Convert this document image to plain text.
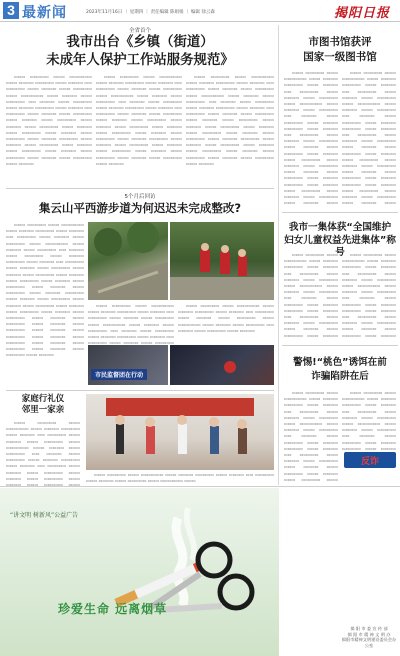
3 最新闻	2023年11月16日 ｜ 星期四 ｜ 责任编辑 陈娟娟 ｜ 编辑 徐云森	揭阳日报
全省首个
我市出台《乡镇（街道）
未成年人保护工作站服务规范》

▭▭▭ ▭▭▭▭▭ ▭▭▭ ▭▭▭▭▭▭ ▭▭▭ ▭▭▭▭ ▭▭▭▭▭ ▭▭▭ ▭▭▭▭ ▭▭ ▭▭▭▭▭ ▭▭▭ ▭▭▭▭ ▭▭▭ ▭▭▭▭▭ ▭▭▭ ▭▭▭▭▭▭ ▭▭▭ ▭▭▭▭ ▭▭▭ ▭▭▭▭▭ ▭▭ ▭▭▭▭ ▭▭▭ ▭▭▭▭▭ ▭▭▭ ▭▭▭▭ ▭▭▭▭▭ ▭▭▭ ▭▭▭▭ ▭▭ ▭▭▭▭▭ ▭▭▭ ▭▭▭▭ ▭▭▭ ▭▭▭▭▭ ▭▭▭ ▭▭▭▭ ▭▭▭ ▭▭▭▭▭ ▭▭▭ ▭▭▭▭ ▭▭▭ ▭▭▭▭▭ ▭▭▭ ▭▭▭▭ ▭▭▭ ▭▭▭▭▭ ▭▭▭ ▭▭▭▭ ▭▭▭ ▭▭▭▭▭ ▭▭▭ ▭▭▭▭ ▭▭▭▭▭ ▭▭▭ ▭▭▭▭ ▭▭▭ ▭▭▭▭▭ ▭▭▭ ▭▭▭▭ ▭▭▭ ▭▭▭▭▭ ▭▭▭ ▭▭▭▭ ▭▭▭ ▭▭▭▭▭ ▭▭▭ ▭▭▭▭ ▭▭▭ ▭▭▭▭▭ ▭▭▭ ▭▭▭▭

▭▭▭ ▭▭▭▭▭ ▭▭▭ ▭▭▭▭▭▭ ▭▭▭ ▭▭▭▭ ▭▭▭▭▭ ▭▭▭ ▭▭▭▭ ▭▭ ▭▭▭▭▭ ▭▭▭ ▭▭▭▭ ▭▭▭ ▭▭▭▭▭ ▭▭▭ ▭▭▭▭▭▭ ▭▭▭ ▭▭▭▭ ▭▭▭ ▭▭▭▭▭ ▭▭ ▭▭▭▭ ▭▭▭ ▭▭▭▭▭ ▭▭▭ ▭▭▭▭ ▭▭▭▭▭ ▭▭▭ ▭▭▭▭ ▭▭ ▭▭▭▭▭ ▭▭▭ ▭▭▭▭ ▭▭▭ ▭▭▭▭▭ ▭▭▭ ▭▭▭▭ ▭▭▭ ▭▭▭▭▭ ▭▭▭ ▭▭▭▭ ▭▭▭ ▭▭▭▭▭ ▭▭▭ ▭▭▭▭ ▭▭▭ ▭▭▭▭▭ ▭▭▭ ▭▭▭▭ ▭▭▭ ▭▭▭▭▭ ▭▭▭ ▭▭▭▭ ▭▭▭▭▭ ▭▭▭ ▭▭▭▭ ▭▭▭ ▭▭▭▭▭ ▭▭▭ ▭▭▭▭ ▭▭▭ ▭▭▭▭▭ ▭▭▭ ▭▭▭▭ ▭▭▭ ▭▭▭▭▭ ▭▭▭ ▭▭▭▭ ▭▭▭ ▭▭▭▭▭ ▭▭▭ ▭▭▭▭

▭▭▭ ▭▭▭▭▭ ▭▭▭ ▭▭▭▭▭▭ ▭▭▭ ▭▭▭▭ ▭▭▭▭▭ ▭▭▭ ▭▭▭▭ ▭▭ ▭▭▭▭▭ ▭▭▭ ▭▭▭▭ ▭▭▭ ▭▭▭▭▭ ▭▭▭ ▭▭▭▭▭▭ ▭▭▭ ▭▭▭▭ ▭▭▭ ▭▭▭▭▭ ▭▭ ▭▭▭▭ ▭▭▭ ▭▭▭▭▭ ▭▭▭ ▭▭▭▭ ▭▭▭▭▭ ▭▭▭ ▭▭▭▭ ▭▭ ▭▭▭▭▭ ▭▭▭ ▭▭▭▭ ▭▭▭ ▭▭▭▭▭ ▭▭▭ ▭▭▭▭ ▭▭▭ ▭▭▭▭▭ ▭▭▭ ▭▭▭▭ ▭▭▭ ▭▭▭▭▭ ▭▭▭ ▭▭▭▭ ▭▭▭ ▭▭▭▭▭ ▭▭▭ ▭▭▭▭ ▭▭▭ ▭▭▭▭▭ ▭▭▭ ▭▭▭▭ ▭▭▭▭▭ ▭▭▭ ▭▭▭▭ ▭▭▭ ▭▭▭▭▭ ▭▭▭ ▭▭▭▭ ▭▭▭ ▭▭▭▭▭ ▭▭▭ ▭▭▭▭ ▭▭▭ ▭▭▭▭▭ ▭▭▭ ▭▭▭▭ ▭▭▭ ▭▭▭▭▭ ▭▭▭ ▭▭▭▭

5个月后回访
集云山平西游步道为何迟迟未完成整改?

▭▭▭ ▭▭▭▭▭ ▭▭▭ ▭▭▭▭▭▭ ▭▭▭ ▭▭▭▭ ▭▭▭▭▭ ▭▭▭ ▭▭▭▭ ▭▭ ▭▭▭▭▭ ▭▭▭ ▭▭▭▭ ▭▭▭ ▭▭▭▭▭ ▭▭▭ ▭▭▭▭▭▭ ▭▭▭ ▭▭▭▭ ▭▭▭ ▭▭▭▭▭ ▭▭ ▭▭▭▭ ▭▭▭ ▭▭▭▭▭ ▭▭▭ ▭▭▭▭ ▭▭▭▭▭ ▭▭▭ ▭▭▭▭ ▭▭ ▭▭▭▭▭ ▭▭▭ ▭▭▭▭ ▭▭▭ ▭▭▭▭▭ ▭▭▭ ▭▭▭▭ ▭▭▭ ▭▭▭▭▭ ▭▭▭ ▭▭▭▭ ▭▭▭ ▭▭▭▭▭ ▭▭▭ ▭▭▭▭ ▭▭▭ ▭▭▭▭▭ ▭▭▭ ▭▭▭▭ ▭▭▭ ▭▭▭▭▭ ▭▭▭ ▭▭▭▭ ▭▭▭▭▭ ▭▭▭ ▭▭▭▭ ▭▭▭ ▭▭▭▭▭ ▭▭▭ ▭▭▭▭ ▭▭▭ ▭▭▭▭▭ ▭▭▭ ▭▭▭▭ ▭▭▭ ▭▭▭▭▭ ▭▭▭ ▭▭▭▭ ▭▭▭ ▭▭▭▭▭ ▭▭▭ ▭▭▭▭ ▭▭▭ ▭▭▭▭▭ ▭▭▭ ▭▭▭▭ ▭▭▭ ▭▭▭▭▭ ▭▭▭ ▭▭▭▭ ▭▭▭ ▭▭▭▭▭ ▭▭▭ ▭▭▭▭ ▭▭▭ ▭▭▭▭▭ ▭▭▭ ▭▭▭▭ ▭▭▭ ▭▭▭▭▭ ▭▭▭ ▭▭▭▭ ▭▭▭ ▭▭▭▭▭ ▭▭▭ ▭▭▭▭

▭▭▭ ▭▭▭▭▭ ▭▭▭ ▭▭▭▭▭▭ ▭▭▭ ▭▭▭▭ ▭▭▭▭▭ ▭▭▭ ▭▭▭▭ ▭▭ ▭▭▭▭▭ ▭▭▭ ▭▭▭▭ ▭▭▭ ▭▭▭▭▭ ▭▭▭ ▭▭▭▭▭▭ ▭▭▭ ▭▭▭▭ ▭▭▭ ▭▭▭▭▭ ▭▭ ▭▭▭▭ ▭▭▭ ▭▭▭▭▭ ▭▭▭ ▭▭▭▭ ▭▭▭▭▭ ▭▭▭ ▭▭▭▭ ▭▭ ▭▭▭▭▭ ▭▭▭ ▭▭▭▭ ▭▭▭ ▭▭▭▭▭

▭▭▭ ▭▭▭▭▭ ▭▭▭ ▭▭▭▭▭▭ ▭▭▭ ▭▭▭▭ ▭▭▭▭▭ ▭▭▭ ▭▭▭▭ ▭▭ ▭▭▭▭▭ ▭▭▭ ▭▭▭▭ ▭▭▭ ▭▭▭▭▭ ▭▭▭ ▭▭▭▭▭▭ ▭▭▭ ▭▭▭▭ ▭▭▭ ▭▭▭▭▭ ▭▭ ▭▭▭▭ ▭▭▭ ▭▭▭▭▭ ▭▭▭ ▭▭▭▭

市民监督团在行动
家庭行礼仪
邻里一家亲

▭▭▭ ▭▭▭▭▭ ▭▭▭ ▭▭▭▭▭▭ ▭▭▭ ▭▭▭▭ ▭▭▭▭▭ ▭▭▭ ▭▭▭▭ ▭▭ ▭▭▭▭▭ ▭▭▭ ▭▭▭▭ ▭▭▭ ▭▭▭▭▭ ▭▭▭ ▭▭▭▭▭▭ ▭▭▭ ▭▭▭▭ ▭▭▭ ▭▭▭▭▭ ▭▭ ▭▭▭▭ ▭▭▭ ▭▭▭▭▭ ▭▭▭ ▭▭▭▭ ▭▭▭▭▭ ▭▭▭ ▭▭▭▭ ▭▭ ▭▭▭▭▭ ▭▭▭ ▭▭▭▭ ▭▭▭ ▭▭▭▭▭ ▭▭▭ ▭▭▭▭ ▭▭▭ ▭▭▭▭▭ ▭▭▭ ▭▭▭▭ ▭▭▭ ▭▭▭▭▭ ▭▭▭

▭▭▭ ▭▭▭▭▭ ▭▭▭ ▭▭▭▭▭▭ ▭▭▭ ▭▭▭▭ ▭▭▭▭▭ ▭▭▭ ▭▭▭▭ ▭▭ ▭▭▭▭▭ ▭▭▭ ▭▭▭▭ ▭▭▭ ▭▭▭▭▭ ▭▭▭ ▭▭▭▭▭▭ ▭▭▭

市图书馆获评
国家一级图书馆

▭▭▭ ▭▭▭▭▭ ▭▭▭ ▭▭▭▭▭▭ ▭▭▭ ▭▭▭▭ ▭▭▭▭▭ ▭▭▭ ▭▭▭▭ ▭▭ ▭▭▭▭▭ ▭▭▭ ▭▭▭▭ ▭▭▭ ▭▭▭▭▭ ▭▭▭ ▭▭▭▭▭▭ ▭▭▭ ▭▭▭▭ ▭▭▭ ▭▭▭▭▭ ▭▭ ▭▭▭▭ ▭▭▭ ▭▭▭▭▭ ▭▭▭ ▭▭▭▭ ▭▭▭▭▭ ▭▭▭ ▭▭▭▭ ▭▭ ▭▭▭▭▭ ▭▭▭ ▭▭▭▭ ▭▭▭ ▭▭▭▭▭ ▭▭▭ ▭▭▭▭ ▭▭▭ ▭▭▭▭▭ ▭▭▭ ▭▭▭▭ ▭▭▭ ▭▭▭▭▭ ▭▭▭ ▭▭▭▭ ▭▭▭ ▭▭▭▭▭ ▭▭▭ ▭▭▭▭ ▭▭▭ ▭▭▭▭▭ ▭▭▭ ▭▭▭▭ ▭▭▭▭▭ ▭▭▭ ▭▭▭▭ ▭▭▭ ▭▭▭▭▭ ▭▭▭ ▭▭▭▭ ▭▭▭ ▭▭▭▭▭ ▭▭▭ ▭▭▭▭ ▭▭▭

▭▭▭ ▭▭▭▭▭ ▭▭▭ ▭▭▭▭▭▭ ▭▭▭ ▭▭▭▭ ▭▭▭▭▭ ▭▭▭ ▭▭▭▭ ▭▭ ▭▭▭▭▭ ▭▭▭ ▭▭▭▭ ▭▭▭ ▭▭▭▭▭ ▭▭▭ ▭▭▭▭▭▭ ▭▭▭ ▭▭▭▭ ▭▭▭ ▭▭▭▭▭ ▭▭ ▭▭▭▭ ▭▭▭ ▭▭▭▭▭ ▭▭▭ ▭▭▭▭ ▭▭▭▭▭ ▭▭▭ ▭▭▭▭ ▭▭ ▭▭▭▭▭ ▭▭▭ ▭▭▭▭ ▭▭▭ ▭▭▭▭▭ ▭▭▭ ▭▭▭▭ ▭▭▭ ▭▭▭▭▭ ▭▭▭ ▭▭▭▭ ▭▭▭ ▭▭▭▭▭ ▭▭▭ ▭▭▭▭ ▭▭▭ ▭▭▭▭▭ ▭▭▭ ▭▭▭▭ ▭▭▭ ▭▭▭▭▭ ▭▭▭ ▭▭▭▭ ▭▭▭▭▭ ▭▭▭ ▭▭▭▭ ▭▭▭ ▭▭▭▭▭ ▭▭▭ ▭▭▭▭ ▭▭▭ ▭▭▭▭▭ ▭▭▭ ▭▭▭▭ ▭▭▭

我市一集体获“全国维护
妇女儿童权益先进集体”称号

▭▭▭ ▭▭▭▭▭ ▭▭▭ ▭▭▭▭▭▭ ▭▭▭ ▭▭▭▭ ▭▭▭▭▭ ▭▭▭ ▭▭▭▭ ▭▭ ▭▭▭▭▭ ▭▭▭ ▭▭▭▭ ▭▭▭ ▭▭▭▭▭ ▭▭▭ ▭▭▭▭▭▭ ▭▭▭ ▭▭▭▭ ▭▭▭ ▭▭▭▭▭ ▭▭ ▭▭▭▭ ▭▭▭ ▭▭▭▭▭ ▭▭▭ ▭▭▭▭ ▭▭▭▭▭ ▭▭▭ ▭▭▭▭ ▭▭ ▭▭▭▭▭ ▭▭▭ ▭▭▭▭ ▭▭▭ ▭▭▭▭▭ ▭▭▭ ▭▭▭▭ ▭▭▭ ▭▭▭▭▭ ▭▭▭ ▭▭▭▭

▭▭▭ ▭▭▭▭▭ ▭▭▭ ▭▭▭▭▭▭ ▭▭▭ ▭▭▭▭ ▭▭▭▭▭ ▭▭▭ ▭▭▭▭ ▭▭ ▭▭▭▭▭ ▭▭▭ ▭▭▭▭ ▭▭▭ ▭▭▭▭▭ ▭▭▭ ▭▭▭▭▭▭ ▭▭▭ ▭▭▭▭ ▭▭▭ ▭▭▭▭▭ ▭▭ ▭▭▭▭ ▭▭▭ ▭▭▭▭▭ ▭▭▭ ▭▭▭▭ ▭▭▭▭▭ ▭▭▭ ▭▭▭▭ ▭▭ ▭▭▭▭▭ ▭▭▭ ▭▭▭▭ ▭▭▭ ▭▭▭▭▭ ▭▭▭ ▭▭▭▭ ▭▭▭ ▭▭▭▭▭ ▭▭▭ ▭▭▭▭

警惕!“桃色”诱饵在前
诈骗陷阱在后

▭▭▭ ▭▭▭▭▭ ▭▭▭ ▭▭▭▭▭▭ ▭▭▭ ▭▭▭▭ ▭▭▭▭▭ ▭▭▭ ▭▭▭▭ ▭▭ ▭▭▭▭▭ ▭▭▭ ▭▭▭▭ ▭▭▭ ▭▭▭▭▭ ▭▭▭ ▭▭▭▭▭▭ ▭▭▭ ▭▭▭▭ ▭▭▭ ▭▭▭▭▭ ▭▭ ▭▭▭▭ ▭▭▭ ▭▭▭▭▭ ▭▭▭ ▭▭▭▭ ▭▭▭▭▭ ▭▭▭ ▭▭▭▭ ▭▭ ▭▭▭▭▭ ▭▭▭ ▭▭▭▭ ▭▭▭ ▭▭▭▭▭ ▭▭▭ ▭▭▭▭ ▭▭▭ ▭▭▭▭▭ ▭▭▭ ▭▭▭▭ ▭▭▭ ▭▭▭▭▭ ▭▭▭

▭▭▭ ▭▭▭▭▭ ▭▭▭ ▭▭▭▭▭▭ ▭▭▭ ▭▭▭▭ ▭▭▭▭▭ ▭▭▭ ▭▭▭▭ ▭▭ ▭▭▭▭▭ ▭▭▭ ▭▭▭▭ ▭▭▭ ▭▭▭▭▭ ▭▭▭ ▭▭▭▭▭▭ ▭▭▭ ▭▭▭▭ ▭▭▭ ▭▭▭▭▭ ▭▭ ▭▭▭▭ ▭▭▭ ▭▭▭▭▭ ▭▭▭ ▭▭▭▭ ▭▭▭▭▭ ▭▭▭ ▭▭▭▭

反诈
“讲文明 树新风”公益广告
珍爱生命 远离烟草
揭 阳 市 委 宣 传 部
揭 阳 市 精 神 文 明 办
揭阳市精神文明建设委员会办公室
